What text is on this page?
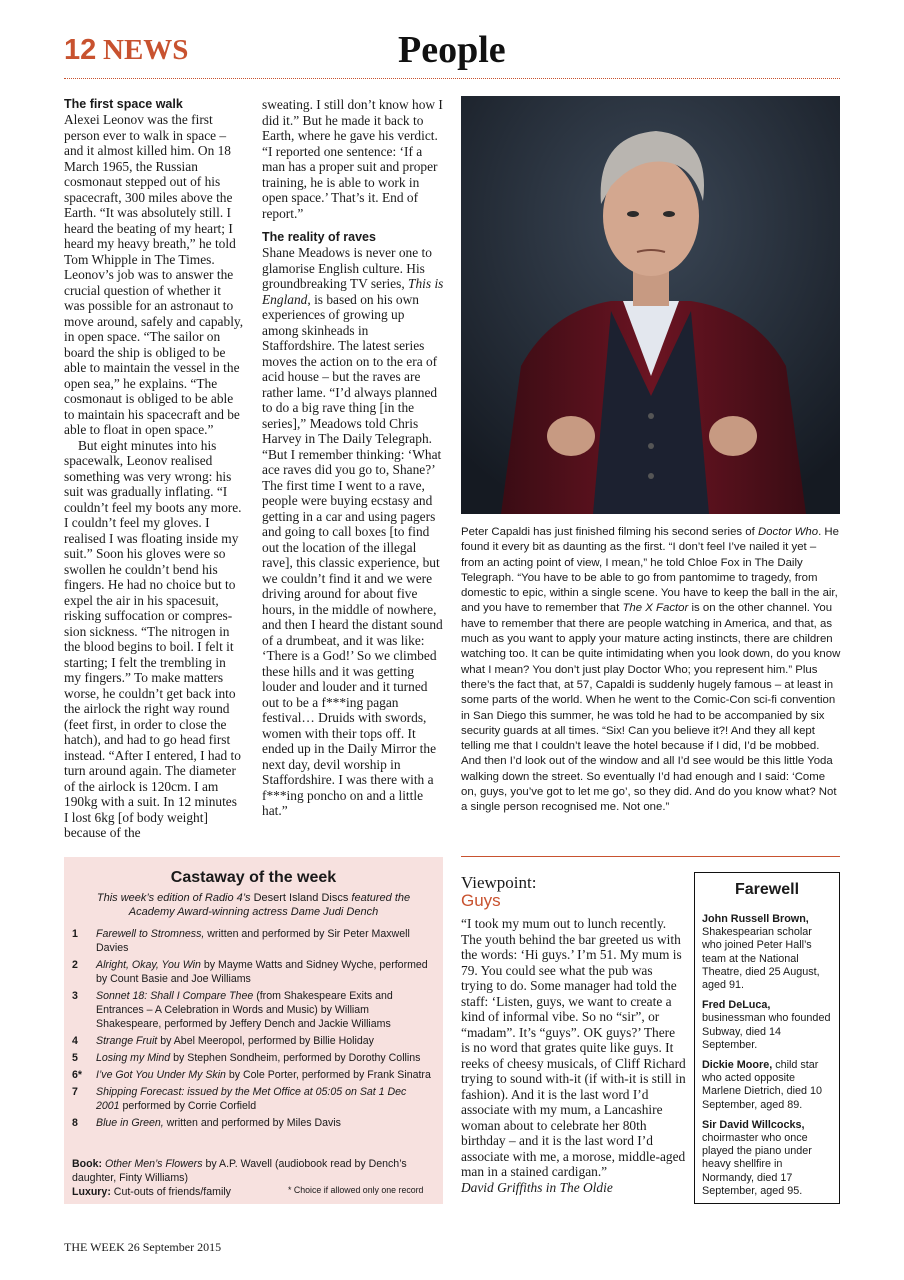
12 NEWS	People
The first space walk

Alexei Leonov was the first person ever to walk in space – and it almost killed him. On 18 March 1965, the Russian cosmonaut stepped out of his spacecraft, 300 miles above the Earth. “It was absolutely still. I heard the beating of my heart; I heard my heavy breath,” he told Tom Whipple in The Times. Leonov’s job was to answer the crucial question of whether it was possible for an astronaut to move around, safely and capably, in open space. “The sailor on board the ship is obliged to be able to maintain the vessel in the open sea,” he explains. “The cosmonaut is obliged to be able to maintain his spacecraft and be able to float in open space.”

But eight minutes into his spacewalk, Leonov realised something was very wrong: his suit was gradually inflating. “I couldn’t feel my boots any more. I couldn’t feel my gloves. I realised I was floating inside my suit.” Soon his gloves were so swollen he couldn’t bend his fingers. He had no choice but to expel the air in his spacesuit, risking suffocation or compression sickness. “The nitrogen in the blood begins to boil. I felt it starting; I felt the trembling in my fingers.” To make matters worse, he couldn’t get back into the airlock the right way round (feet first, in order to close the hatch), and had to go head first instead. “After I entered, I had to turn around again. The diameter of the airlock is 120cm. I am 190kg with a suit. In 12 minutes I lost 6kg [of body weight] because of the

sweating. I still don’t know how I did it.” But he made it back to Earth, where he gave his verdict. “I reported one sentence: ‘If a man has a proper suit and proper training, he is able to work in open space.’ That’s it. End of report.”

The reality of raves

Shane Meadows is never one to glamorise English culture. His groundbreaking TV series, This is England, is based on his own experiences of growing up among skinheads in Staffordshire. The latest series moves the action on to the era of acid house – but the raves are rather lame. “I’d always planned to do a big rave thing [in the series],” Meadows told Chris Harvey in The Daily Telegraph. “But I remember thinking: ‘What ace raves did you go to, Shane?’ The first time I went to a rave, people were buying ecstasy and getting in a car and using pagers and going to call boxes [to find out the location of the illegal rave], this classic experience, but we couldn’t find it and we were driving around for about five hours, in the middle of nowhere, and then I heard the distant sound of a drumbeat, and it was like: ‘There is a God!’ So we climbed these hills and it was getting louder and louder and it turned out to be a f***ing pagan festival… Druids with swords, women with their tops off. It ended up in the Daily Mirror the next day, devil worship in Staffordshire. I was there with a f***ing poncho on and a little hat.”

Peter Capaldi has just finished filming his second series of Doctor Who. He found it every bit as daunting as the first. “I don’t feel I’ve nailed it yet – from an acting point of view, I mean,” he told Chloe Fox in The Daily Telegraph. “You have to be able to go from pantomime to tragedy, from domestic to epic, within a single scene. You have to keep the ball in the air, and you have to remember that The X Factor is on the other channel. You have to remember that there are people watching in America, and that, as much as you want to apply your mature acting instincts, there are children watching too. It can be quite intimidating when you look down, do you know what I mean? You don’t just play Doctor Who; you represent him.” Plus there’s the fact that, at 57, Capaldi is suddenly hugely famous – at least in some parts of the world. When he went to the Comic-Con sci-fi convention in San Diego this summer, he was told he had to be accompanied by six security guards at all times. “Six! Can you believe it?! And they all kept telling me that I couldn’t leave the hotel because if I did, I’d be mobbed. And then I’d look out of the window and all I’d see would be this little Yoda walking down the street. So eventually I’d had enough and I said: ‘Come on, guys, you’ve got to let me go’, so they did. And do you know what? Not a single person recognised me. Not one.”
Castaway of the week
This week’s edition of Radio 4’s Desert Island Discs featured the Academy Award-winning actress Dame Judi Dench
1 Farewell to Stromness, written and performed by Sir Peter Maxwell Davies
2 Alright, Okay, You Win by Mayme Watts and Sidney Wyche, performed by Count Basie and Joe Williams
3 Sonnet 18: Shall I Compare Thee (from Shakespeare Exits and Entrances – A Celebration in Words and Music) by William Shakespeare, performed by Jeffery Dench and Jackie Williams
4 Strange Fruit by Abel Meeropol, performed by Billie Holiday
5 Losing my Mind by Stephen Sondheim, performed by Dorothy Collins
6* I’ve Got You Under My Skin by Cole Porter, performed by Frank Sinatra
7 Shipping Forecast: issued by the Met Office at 05:05 on Sat 1 Dec 2001 performed by Corrie Corfield
8 Blue in Green, written and performed by Miles Davis
Book: Other Men’s Flowers by A.P. Wavell (audiobook read by Dench’s daughter, Finty Williams)
Luxury: Cut-outs of friends/family	* Choice if allowed only one record
Viewpoint:
Guys
“I took my mum out to lunch recently. The youth behind the bar greeted us with the words: ‘Hi guys.’ I’m 51. My mum is 79. You could see what the pub was trying to do. Some manager had told the staff: ‘Listen, guys, we want to create a kind of informal vibe. So no “sir”, or “madam”. It’s “guys”. OK guys?’ There is no word that grates quite like guys. It reeks of cheesy musicals, of Cliff Richard trying to sound with-it (if with-it is still in fashion). And it is the last word I’d associate with my mum, a Lancashire woman about to celebrate her 80th birthday – and it is the last word I’d associate with me, a morose, middle-aged man in a stained cardigan.”
David Griffiths in The Oldie
Farewell
John Russell Brown, Shakespearian scholar who joined Peter Hall’s team at the National Theatre, died 25 August, aged 91.
Fred DeLuca, businessman who founded Subway, died 14 September.
Dickie Moore, child star who acted opposite Marlene Dietrich, died 10 September, aged 89.
Sir David Willcocks, choirmaster who once played the piano under heavy shellfire in Normandy, died 17 September, aged 95.
THE WEEK 26 September 2015
